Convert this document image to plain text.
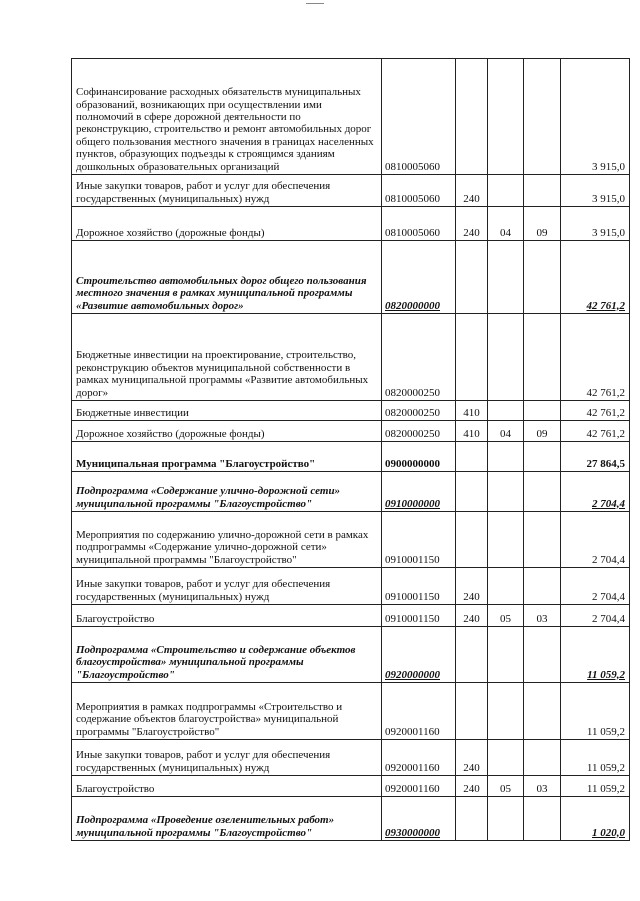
Софинансирование расходных обязательств муниципальных образований, возникающих при осуществлении ими полномочий в сфере дорожной деятельности по реконструкцию, строительство и ремонт автомобильных дорог общего пользования местного значения в границах населенных пунктов, образующих подъезды к строящимся зданиям дошкольных образовательных организаций	0810005060				3 915,0
Иные закупки товаров, работ и услуг для обеспечения государственных (муниципальных) нужд	0810005060	240			3 915,0
Дорожное хозяйство (дорожные фонды)	0810005060	240	04	09	3 915,0
Строительство автомобильных дорог общего пользования местного значения в рамках муниципальной программы «Развитие автомобильных дорог»	0820000000				42 761,2
Бюджетные инвестиции на проектирование, строительство, реконструкцию объектов муниципальной собственности в рамках муниципальной программы «Развитие автомобильных дорог»	0820000250				42 761,2
Бюджетные инвестиции	0820000250	410			42 761,2
Дорожное хозяйство (дорожные фонды)	0820000250	410	04	09	42 761,2
Муниципальная программа "Благоустройство"	0900000000				27 864,5
Подпрограмма «Содержание улично-дорожной сети» муниципальной программы "Благоустройство"	0910000000				2 704,4
Мероприятия по содержанию улично-дорожной сети в рамках подпрограммы «Содержание улично-дорожной сети» муниципальной программы "Благоустройство"	0910001150				2 704,4
Иные закупки товаров, работ и услуг для обеспечения государственных (муниципальных) нужд	0910001150	240			2 704,4
Благоустройство	0910001150	240	05	03	2 704,4
Подпрограмма «Строительство и содержание объектов благоустройства» муниципальной программы "Благоустройство"	0920000000				11 059,2
Мероприятия в рамках подпрограммы «Строительство и содержание объектов благоустройства» муниципальной программы "Благоустройство"	0920001160				11 059,2
Иные закупки товаров, работ и услуг для обеспечения государственных (муниципальных) нужд	0920001160	240			11 059,2
Благоустройство	0920001160	240	05	03	11 059,2
Подпрограмма «Проведение озеленительных работ» муниципальной программы "Благоустройство"	0930000000				1 020,0
